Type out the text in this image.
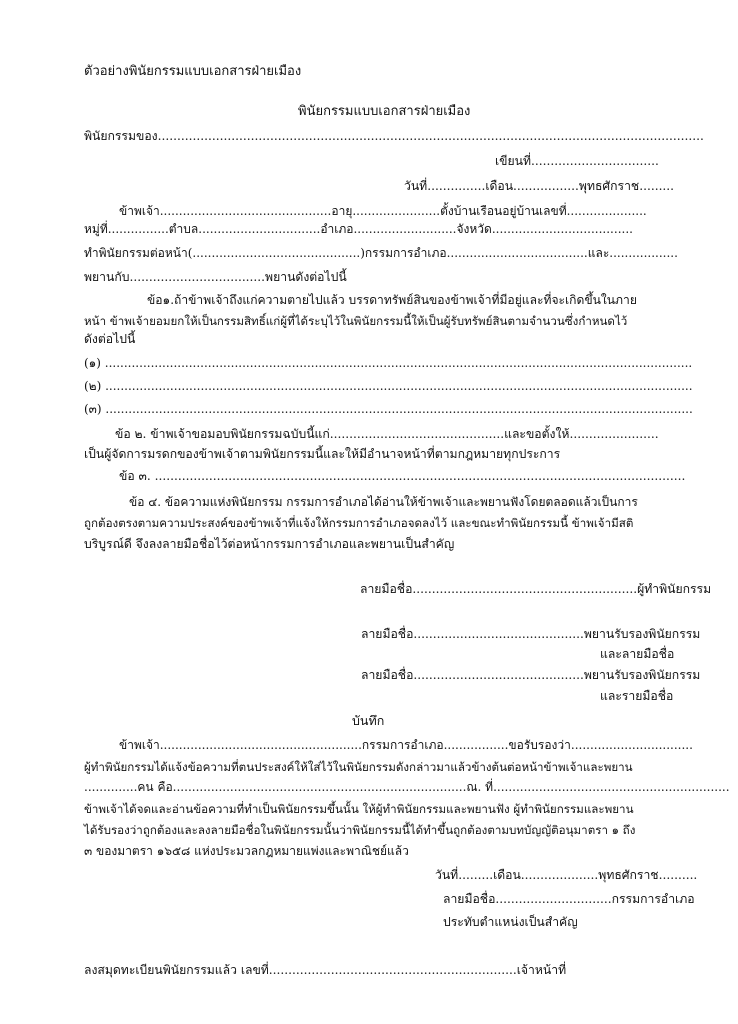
ตัวอย่างพินัยกรรมแบบเอกสารฝ่ายเมือง
พินัยกรรมแบบเอกสารฝ่ายเมือง
พินัยกรรมของ.............................................................................................................................................
เขียนที่.................................
วันที่...............เดือน.................พุทธศักราช.........
ข้าพเจ้า.............................................อายุ.......................ตั้งบ้านเรือนอยู่บ้านเลขที่.....................
หมู่ที่................ตำบล................................อำเภอ...........................จังหวัด.....................................
ทำพินัยกรรมต่อหน้า(............................................)กรรมการอำเภอ.....................................และ..................
พยานกับ...................................พยานดังต่อไปนี้
ข้อ๑.ถ้าข้าพเจ้าถึงแก่ความตายไปแล้ว บรรดาทรัพย์สินของข้าพเจ้าที่มีอยู่และที่จะเกิดขึ้นในภาย
หน้า ข้าพเจ้ายอมยกให้เป็นกรรมสิทธิ์แก่ผู้ที่ได้ระบุไว้ในพินัยกรรมนี้ให้เป็นผู้รับทรัพย์สินตามจำนวนซึ่งกำหนดไว้
ดังต่อไปนี้
(๑) ..........................................................................................................................................................
(๒) ..........................................................................................................................................................
(๓) ..........................................................................................................................................................
ข้อ ๒. ข้าพเจ้าขอมอบพินัยกรรมฉบับนี้แก่.............................................และขอตั้งให้.......................
เป็นผู้จัดการมรดกของข้าพเจ้าตามพินัยกรรมนี้และให้มีอำนาจหน้าที่ตามกฎหมายทุกประการ
ข้อ ๓. .........................................................................................................................................
ข้อ ๔. ข้อความแห่งพินัยกรรม กรรมการอำเภอได้อ่านให้ข้าพเจ้าและพยานฟังโดยตลอดแล้วเป็นการ
ถูกต้องตรงตามความประสงค์ของข้าพเจ้าที่แจ้งให้กรรมการอำเภอจดลงไว้ และขณะทำพินัยกรรมนี้ ข้าพเจ้ามีสติ
บริบูรณ์ดี จึงลงลายมือชื่อไว้ต่อหน้ากรรมการอำเภอและพยานเป็นสำคัญ
ลายมือชื่อ..........................................................ผู้ทำพินัยกรรม
ลายมือชื่อ............................................พยานรับรองพินัยกรรม
และลายมือชื่อ
ลายมือชื่อ............................................พยานรับรองพินัยกรรม
และรายมือชื่อ
บันทึก
ข้าพเจ้า.....................................................กรรมการอำเภอ.................ขอรับรองว่า................................
ผู้ทำพินัยกรรมได้แจ้งข้อความที่ตนประสงค์ให้ใส่ไว้ในพินัยกรรมดังกล่าวมาแล้วข้างต้นต่อหน้าข้าพเจ้าและพยาน
..............คน คือ.............................................................................ณ. ที่..............................................................
ข้าพเจ้าได้จดและอ่านข้อความที่ทำเป็นพินัยกรรมขึ้นนั้น ให้ผู้ทำพินัยกรรมและพยานฟัง ผู้ทำพินัยกรรมและพยาน
ได้รับรองว่าถูกต้องและลงลายมือชื่อในพินัยกรรมนั้นว่าพินัยกรรมนี้ได้ทำขึ้นถูกต้องตามบทบัญญัติอนุมาตรา ๑ ถึง
๓ ของมาตรา ๑๖๕๘ แห่งประมวลกฎหมายแพ่งและพาณิชย์แล้ว
วันที่.........เดือน....................พุทธศักราช..........
ลายมือชื่อ..............................กรรมการอำเภอ
ประทับตำแหน่งเป็นสำคัญ
ลงสมุดทะเบียนพินัยกรรมแล้ว เลขที่................................................................เจ้าหน้าที่
